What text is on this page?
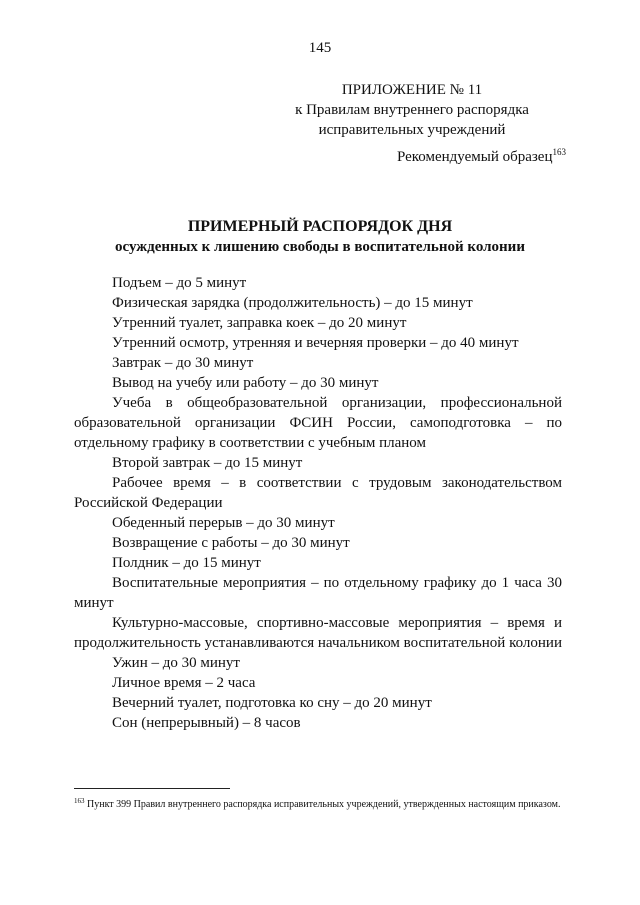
145
ПРИЛОЖЕНИЕ № 11
к Правилам внутреннего распорядка
исправительных учреждений
Рекомендуемый образец$^{163}$
ПРИМЕРНЫЙ РАСПОРЯДОК ДНЯ
осужденных к лишению свободы в воспитательной колонии
Подъем – до 5 минут
Физическая зарядка (продолжительность) – до 15 минут
Утренний туалет, заправка коек – до 20 минут
Утренний осмотр, утренняя и вечерняя проверки – до 40 минут
Завтрак – до 30 минут
Вывод на учебу или работу – до 30 минут
Учеба в общеобразовательной организации, профессиональной образовательной организации ФСИН России, самоподготовка – по отдельному графику в соответствии с учебным планом
Второй завтрак – до 15 минут
Рабочее время – в соответствии с трудовым законодательством Российской Федерации
Обеденный перерыв – до 30 минут
Возвращение с работы – до 30 минут
Полдник – до 15 минут
Воспитательные мероприятия – по отдельному графику до 1 часа 30 минут
Культурно-массовые, спортивно-массовые мероприятия – время и продолжительность устанавливаются начальником воспитательной колонии
Ужин – до 30 минут
Личное время – 2 часа
Вечерний туалет, подготовка ко сну – до 20 минут
Сон (непрерывный) – 8 часов
$^{163}$ Пункт 399 Правил внутреннего распорядка исправительных учреждений, утвержденных настоящим приказом.
